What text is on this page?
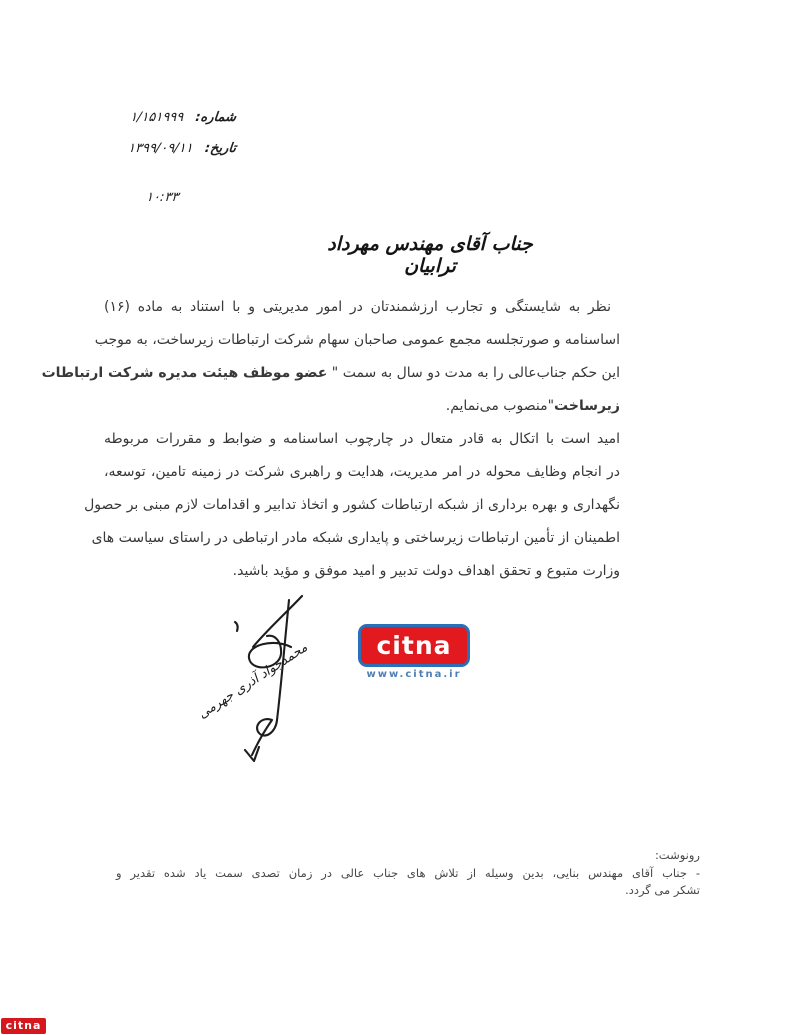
شماره:
۱/۱۵۱۹۹۹
تاریخ:
۱۳۹۹/۰۹/۱۱
۱۰:۳۳
جناب آقای مهندس مهرداد ترابیان
نظر به شایستگی و تجارب ارزشمندتان در امور مدیریتی و با استناد به ماده (۱۶)
اساسنامه و صورتجلسه مجمع عمومی صاحبان سهام شرکت ارتباطات زیرساخت، به موجب
این حکم جناب‌عالی را به مدت دو سال به سمت " عضو موظف هیئت مدیره شرکت ارتباطات
زیرساخت"منصوب می‌نمایم.
امید است با اتکال به قادر متعال در چارچوب اساسنامه و ضوابط و مقررات مربوطه
در انجام وظایف محوله در امر مدیریت، هدایت و راهبری شرکت در زمینه تامین، توسعه،
نگهداری و بهره برداری از شبکه ارتباطات کشور و اتخاذ تدابیر و اقدامات لازم مبنی بر حصول
اطمینان از تأمین ارتباطات زیرساختی و پایداری شبکه مادر ارتباطی در راستای سیاست های
وزارت متبوع و تحقق اهداف دولت تدبیر و امید موفق و مؤید باشید.
محمدجواد آذری جهرمی	citna
www.citna.ir
رونوشت:
- جناب آقای مهندس بنایی، بدین وسیله از تلاش های جناب عالی در زمان تصدی سمت یاد شده تقدیر و
تشکر می گردد.
citna
